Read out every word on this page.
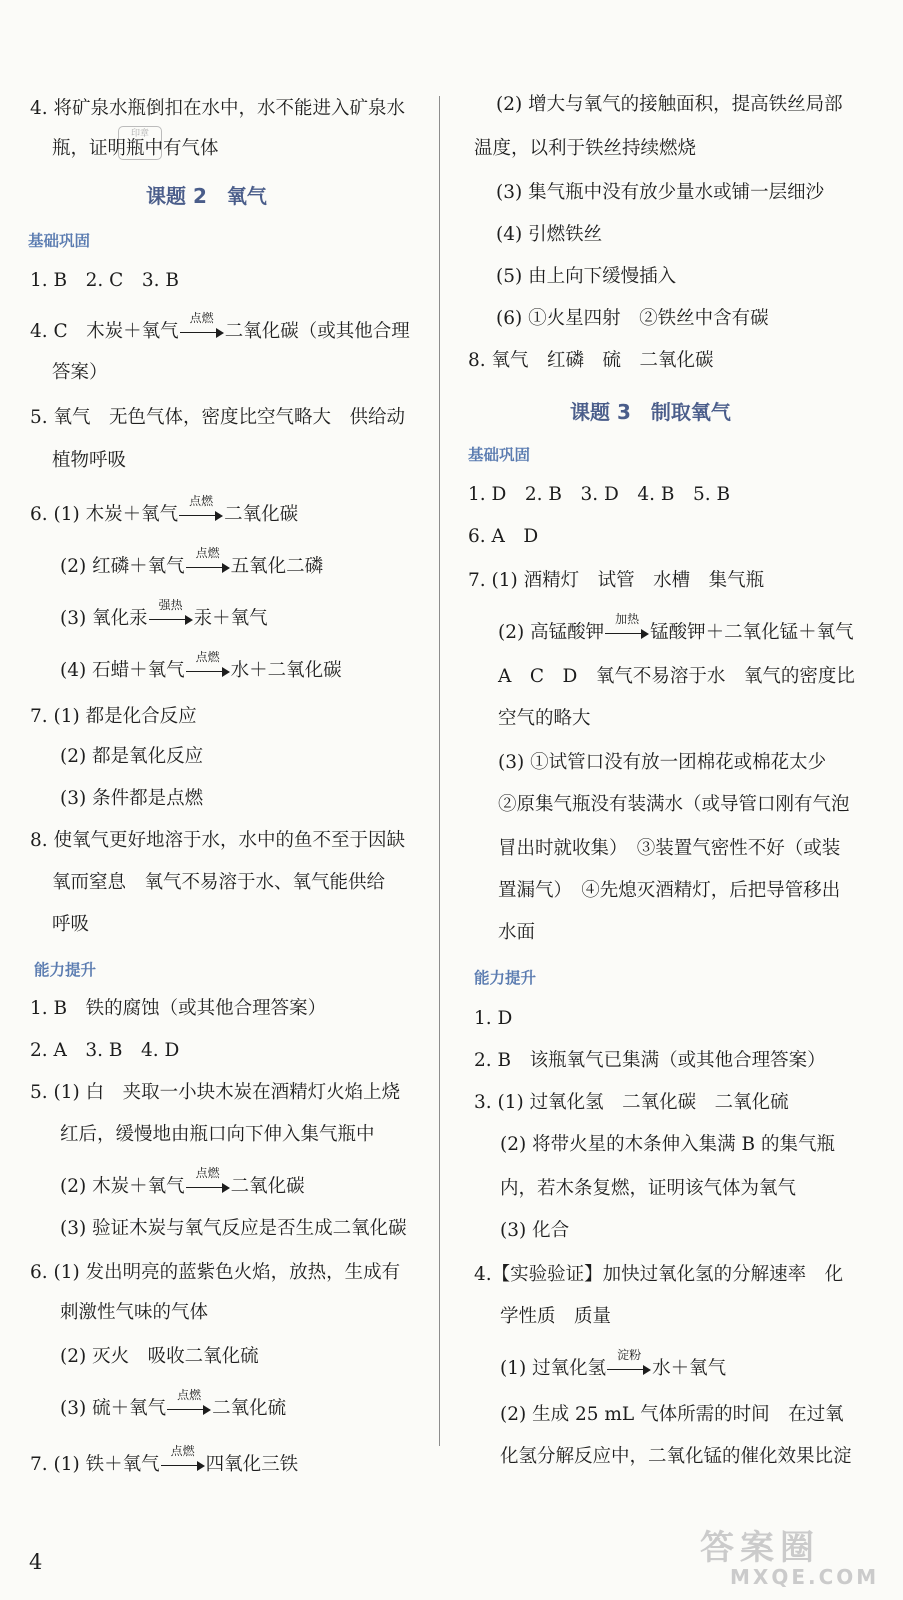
印章
4. 将矿泉水瓶倒扣在水中，水不能进入矿泉水
瓶，证明瓶中有气体
课题 2　氧气
基础巩固
1. B　2. C　3. B
4. C　木炭＋氧气
点燃
二氧化碳（或其他合理
答案）
5. 氧气　无色气体，密度比空气略大　供给动
植物呼吸
6. (1) 木炭＋氧气
点燃
二氧化碳
(2) 红磷＋氧气
点燃
五氧化二磷
(3) 氧化汞
强热
汞＋氧气
(4) 石蜡＋氧气
点燃
水＋二氧化碳
7. (1) 都是化合反应
(2) 都是氧化反应
(3) 条件都是点燃
8. 使氧气更好地溶于水，水中的鱼不至于因缺
氧而窒息　氧气不易溶于水、氧气能供给
呼吸
能力提升
1. B　铁的腐蚀（或其他合理答案）
2. A　3. B　4. D
5. (1) 白　夹取一小块木炭在酒精灯火焰上烧
红后，缓慢地由瓶口向下伸入集气瓶中
(2) 木炭＋氧气
点燃
二氧化碳
(3) 验证木炭与氧气反应是否生成二氧化碳
6. (1) 发出明亮的蓝紫色火焰，放热，生成有
刺激性气味的气体
(2) 灭火　吸收二氧化硫
(3) 硫＋氧气
点燃
二氧化硫
7. (1) 铁＋氧气
点燃
四氧化三铁
(2) 增大与氧气的接触面积，提高铁丝局部
温度，以利于铁丝持续燃烧
(3) 集气瓶中没有放少量水或铺一层细沙
(4) 引燃铁丝
(5) 由上向下缓慢插入
(6) ①火星四射　②铁丝中含有碳
8. 氧气　红磷　硫　二氧化碳
课题 3　制取氧气
基础巩固
1. D　2. B　3. D　4. B　5. B
6. A　D
7. (1) 酒精灯　试管　水槽　集气瓶
(2) 高锰酸钾
加热
锰酸钾＋二氧化锰＋氧气
A　C　D　氧气不易溶于水　氧气的密度比
空气的略大
(3) ①试管口没有放一团棉花或棉花太少
②原集气瓶没有装满水（或导管口刚有气泡
冒出时就收集）　③装置气密性不好（或装
置漏气）　④先熄灭酒精灯，后把导管移出
水面
能力提升
1. D
2. B　该瓶氧气已集满（或其他合理答案）
3. (1) 过氧化氢　二氧化碳　二氧化硫
(2) 将带火星的木条伸入集满 B 的集气瓶
内，若木条复燃，证明该气体为氧气
(3) 化合
4.【实验验证】加快过氧化氢的分解速率　化
学性质　质量
(1) 过氧化氢
淀粉
水＋氧气
(2) 生成 25 mL 气体所需的时间　在过氧
化氢分解反应中，二氧化锰的催化效果比淀
4	答案圈
MXQE.COM
